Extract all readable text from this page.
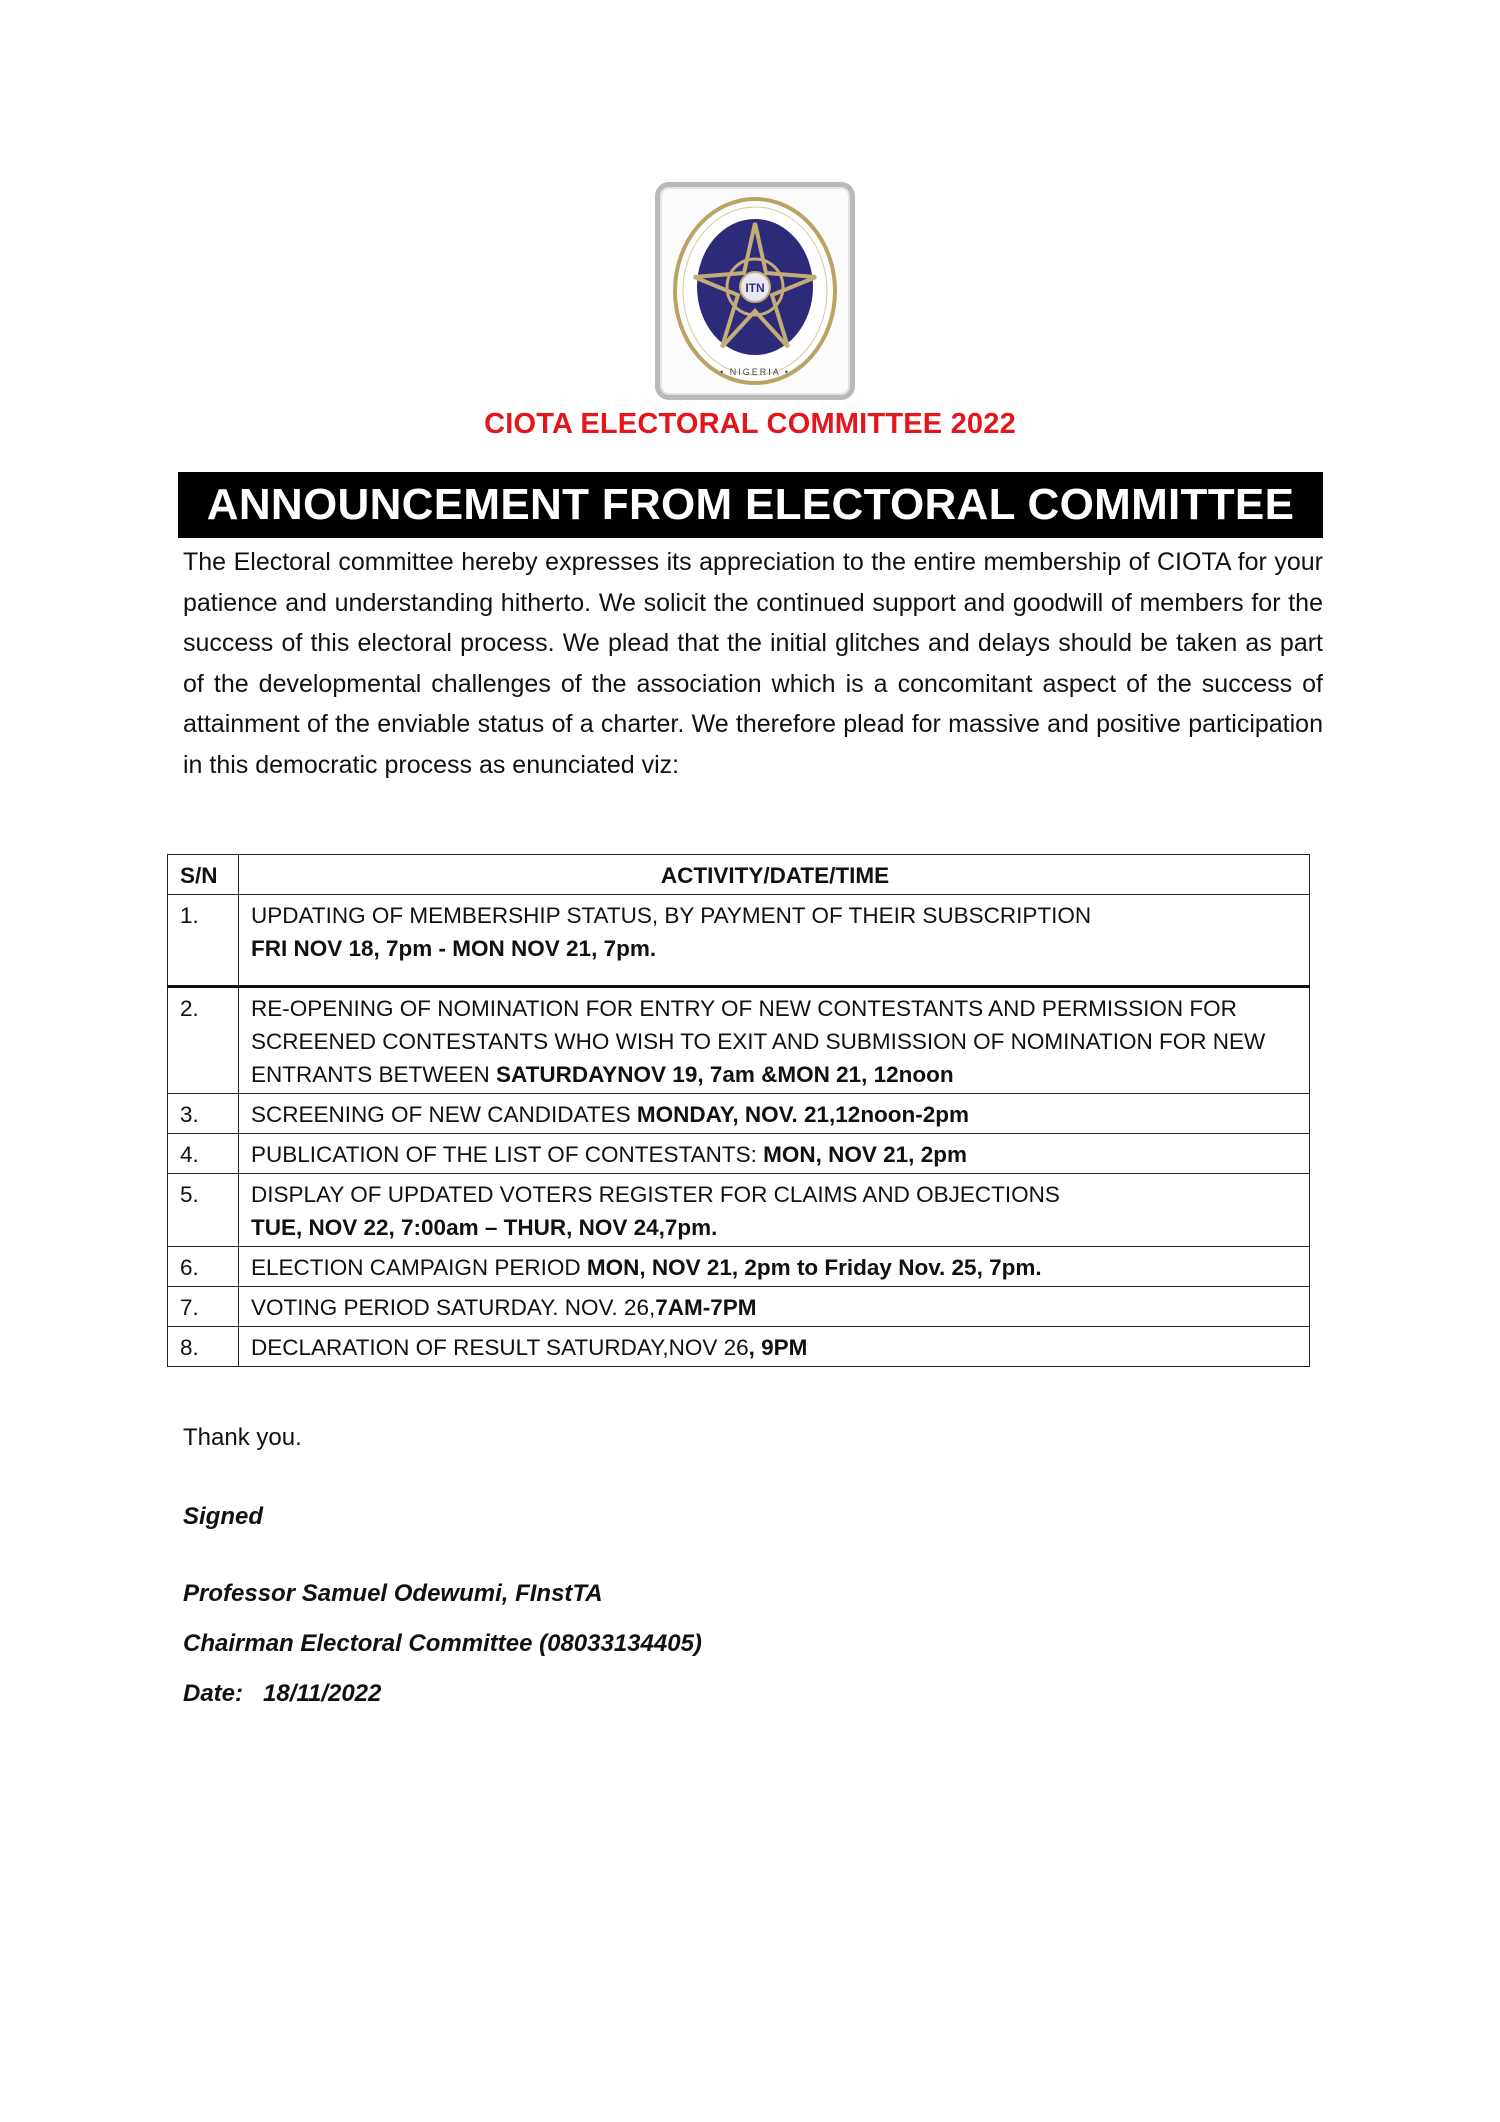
ITN
• NIGERIA •
CIOTA ELECTORAL COMMITTEE 2022
ANNOUNCEMENT FROM ELECTORAL COMMITTEE

The Electoral committee hereby expresses its appreciation to the entire membership of CIOTA for your patience and understanding hitherto. We solicit the continued support and goodwill of members for the success of this electoral process. We plead that the initial glitches and delays should be taken as part of the developmental challenges of the association which is a concomitant aspect of the success of attainment of the enviable status of a charter. We therefore plead for massive and positive participation in this democratic process as enunciated viz:

S/N	ACTIVITY/DATE/TIME
1.	UPDATING OF MEMBERSHIP STATUS, BY PAYMENT OF THEIR SUBSCRIPTION
FRI NOV 18, 7pm - MON NOV 21, 7pm.
2.	RE-OPENING OF NOMINATION FOR ENTRY OF NEW CONTESTANTS AND PERMISSION FOR SCREENED CONTESTANTS WHO WISH TO EXIT AND SUBMISSION OF NOMINATION FOR NEW ENTRANTS BETWEEN SATURDAYNOV 19, 7am &MON 21, 12noon
3.	SCREENING OF NEW CANDIDATES MONDAY, NOV. 21,12noon-2pm
4.	PUBLICATION OF THE LIST OF CONTESTANTS: MON, NOV 21, 2pm
5.	DISPLAY OF UPDATED VOTERS REGISTER FOR CLAIMS AND OBJECTIONS
TUE, NOV 22, 7:00am – THUR, NOV 24,7pm.
6.	ELECTION CAMPAIGN PERIOD MON, NOV 21, 2pm to Friday Nov. 25, 7pm.
7.	VOTING PERIOD SATURDAY. NOV. 26,7AM-7PM
8.	DECLARATION OF RESULT SATURDAY,NOV 26, 9PM
Thank you.
Signed
Professor Samuel Odewumi, FInstTA
Chairman Electoral Committee (08033134405)
Date: 18/11/2022
